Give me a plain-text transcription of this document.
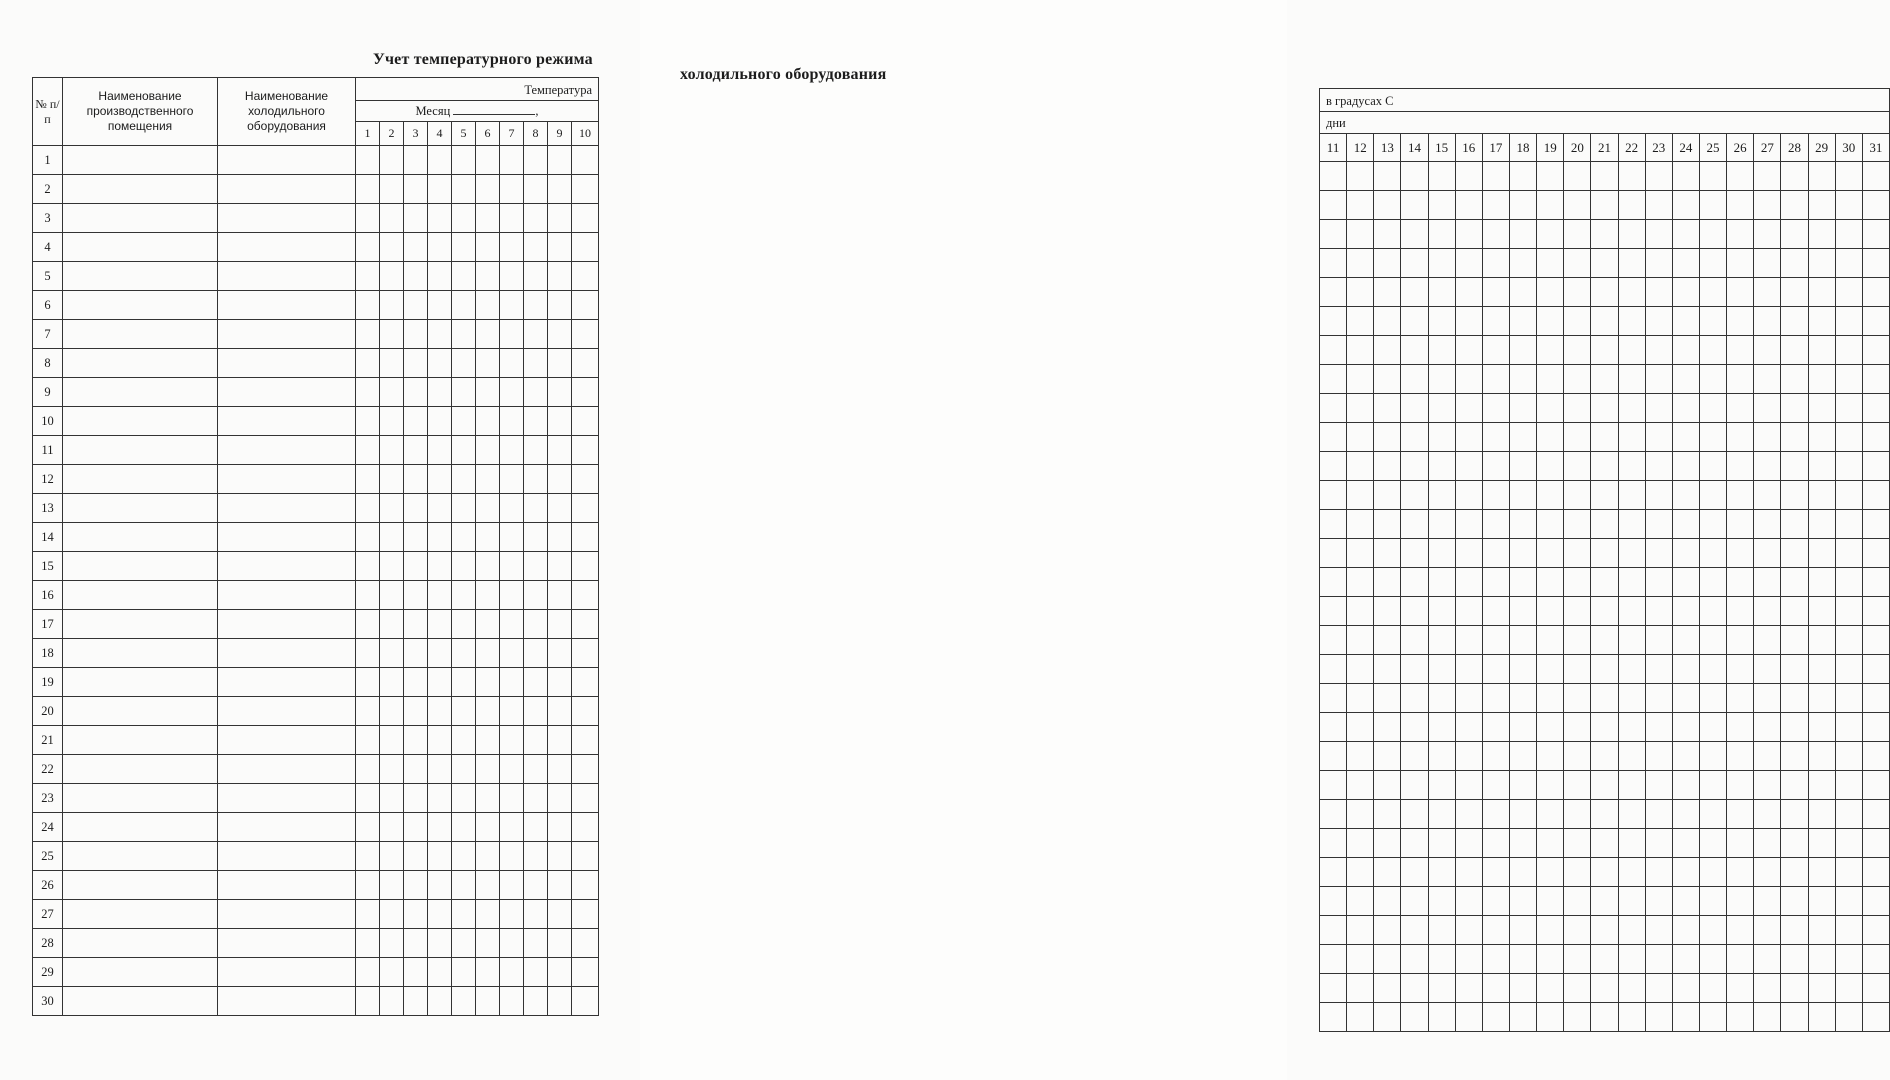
Учет температурного режима
№ п/п	Наименование производственного помещения	Наименование холодильного оборудования	Температура									
			Месяц ,									
			1	2	3	4	5	6	7	8	9	10
1												
2												
3												
4												
5												
6												
7												
8												
9												
10												
11												
12												
13												
14												
15												
16												
17												
18												
19												
20												
21												
22												
23												
24												
25												
26												
27												
28												
29												
30												
холодильного оборудования
в градусах С																				
дни																				
11	12	13	14	15	16	17	18	19	20	21	22	23	24	25	26	27	28	29	30	31
